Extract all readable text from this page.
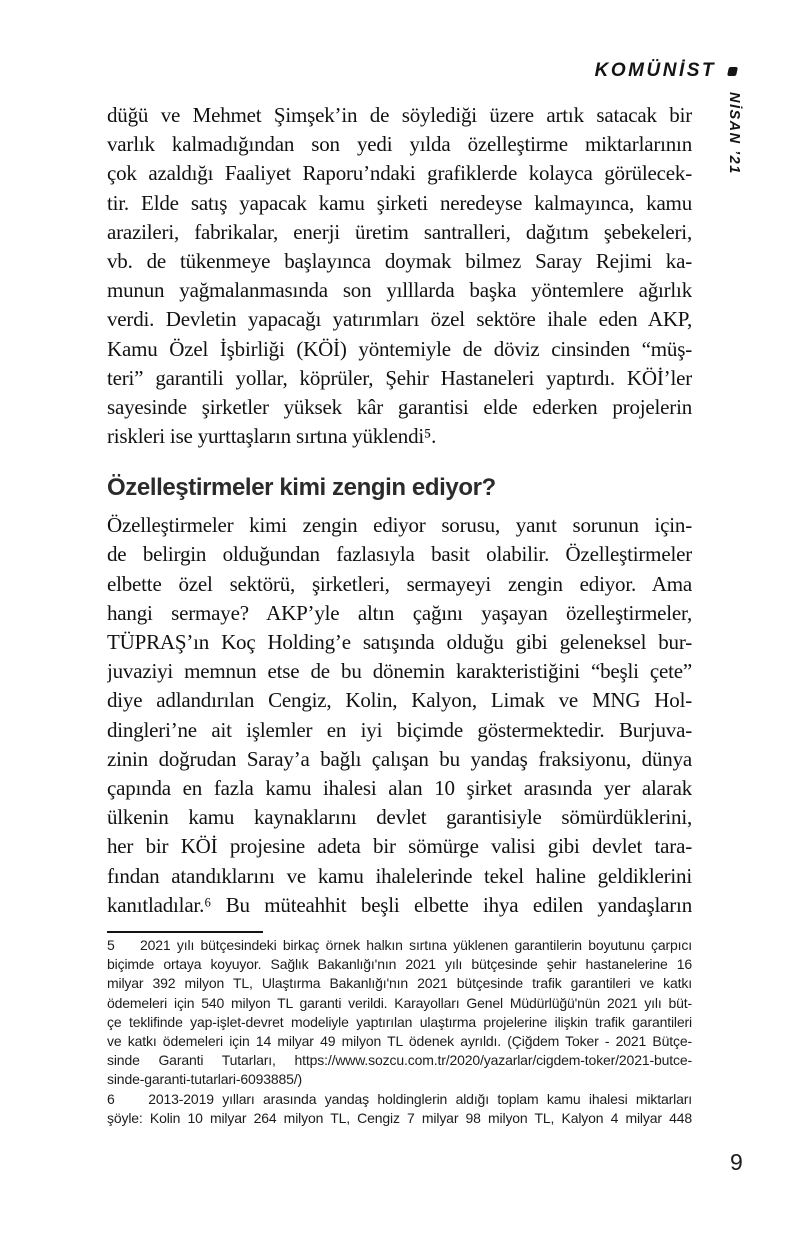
KOMÜNİST
NİSAN ’21
düğü ve Mehmet Şimşek’in de söylediği üzere artık satacak bir
varlık kalmadığından son yedi yılda özelleştirme miktarlarının
çok azaldığı Faaliyet Raporu’ndaki grafiklerde kolayca görülecek-
tir. Elde satış yapacak kamu şirketi neredeyse kalmayınca, kamu
arazileri, fabrikalar, enerji üretim santralleri, dağıtım şebekeleri,
vb. de tükenmeye başlayınca doymak bilmez Saray Rejimi ka-
munun yağmalanmasında son yılllarda başka yöntemlere ağırlık
verdi. Devletin yapacağı yatırımları özel sektöre ihale eden AKP,
Kamu Özel İşbirliği (KÖİ) yöntemiyle de döviz cinsinden “müş-
teri” garantili yollar, köprüler, Şehir Hastaneleri yaptırdı. KÖİ’ler
sayesinde şirketler yüksek kâr garantisi elde ederken projelerin
riskleri ise yurttaşların sırtına yüklendi⁵.
Özelleştirmeler kimi zengin ediyor?
Özelleştirmeler kimi zengin ediyor sorusu, yanıt sorunun için-
de belirgin olduğundan fazlasıyla basit olabilir. Özelleştirmeler
elbette özel sektörü, şirketleri, sermayeyi zengin ediyor. Ama
hangi sermaye? AKP’yle altın çağını yaşayan özelleştirmeler,
TÜPRAŞ’ın Koç Holding’e satışında olduğu gibi geleneksel bur-
juvaziyi memnun etse de bu dönemin karakteristiğini “beşli çete”
diye adlandırılan Cengiz, Kolin, Kalyon, Limak ve MNG Hol-
dingleri’ne ait işlemler en iyi biçimde göstermektedir. Burjuva-
zinin doğrudan Saray’a bağlı çalışan bu yandaş fraksiyonu, dünya
çapında en fazla kamu ihalesi alan 10 şirket arasında yer alarak
ülkenin kamu kaynaklarını devlet garantisiyle sömürdüklerini,
her bir KÖİ projesine adeta bir sömürge valisi gibi devlet tara-
fından atandıklarını ve kamu ihalelerinde tekel haline geldiklerini
kanıtladılar.⁶ Bu müteahhit beşli elbette ihya edilen yandaşların
5    2021 yılı bütçesindeki birkaç örnek halkın sırtına yüklenen garantilerin boyutunu çarpıcı
biçimde ortaya koyuyor. Sağlık Bakanlığı'nın 2021 yılı bütçesinde şehir hastanelerine 16
milyar 392 milyon TL, Ulaştırma Bakanlığı'nın 2021 bütçesinde trafik garantileri ve katkı
ödemeleri için 540 milyon TL garanti verildi. Karayolları Genel Müdürlüğü'nün 2021 yılı büt-
çe teklifinde yap-işlet-devret modeliyle yaptırılan ulaştırma projelerine ilişkin trafik garantileri
ve katkı ödemeleri için 14 milyar 49 milyon TL ödenek ayrıldı. (Çiğdem Toker - 2021 Bütçe-
sinde Garanti Tutarları, https://www.sozcu.com.tr/2020/yazarlar/cigdem-toker/2021-butce-
sinde-garanti-tutarlari-6093885/)
6    2013-2019 yılları arasında yandaş holdinglerin aldığı toplam kamu ihalesi miktarları
şöyle: Kolin 10 milyar 264 milyon TL, Cengiz 7 milyar 98 milyon TL, Kalyon 4 milyar 448
9
